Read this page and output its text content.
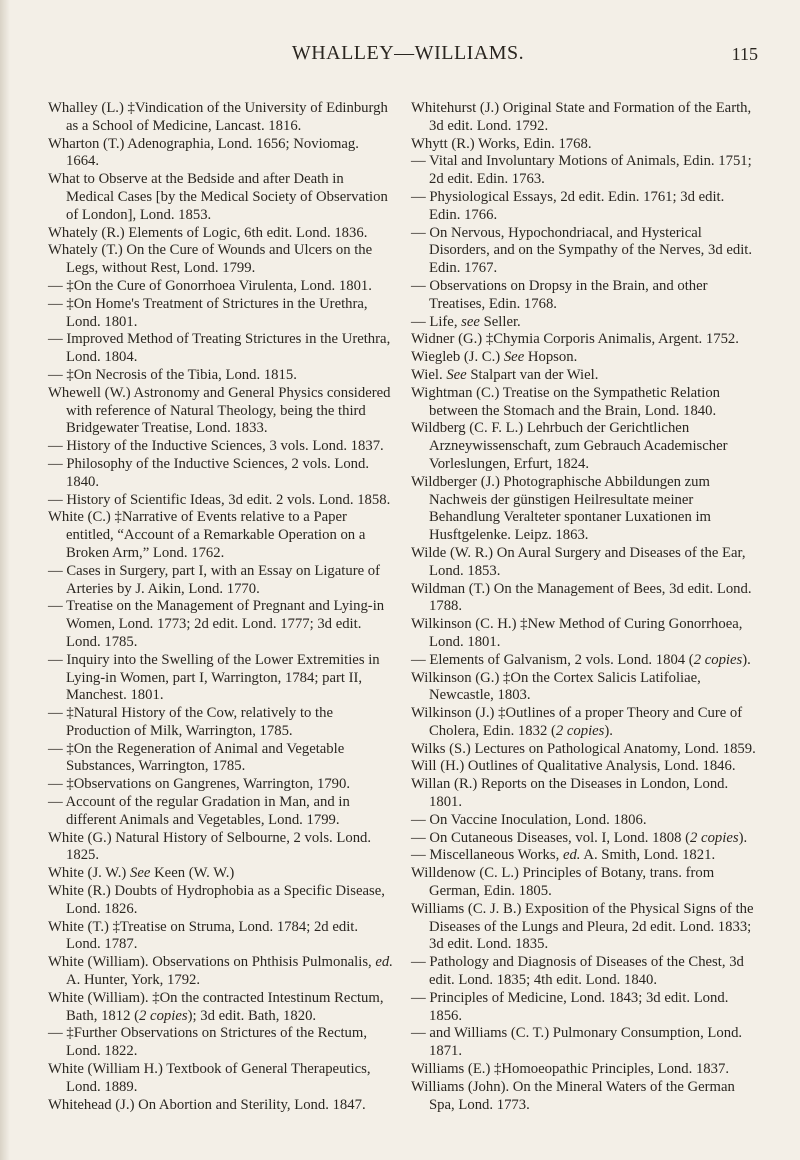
WHALLEY—WILLIAMS.	115

Whalley (L.) ‡Vindication of the University of Edinburgh as a School of Medicine, Lancast. 1816.

Wharton (T.) Adenographia, Lond. 1656; Noviomag. 1664.

What to Observe at the Bedside and after Death in Medical Cases [by the Medical Society of Observation of London], Lond. 1853.

Whately (R.) Elements of Logic, 6th edit. Lond. 1836.

Whately (T.) On the Cure of Wounds and Ulcers on the Legs, without Rest, Lond. 1799.

— ‡On the Cure of Gonorrhoea Virulenta, Lond. 1801.

— ‡On Home's Treatment of Strictures in the Urethra, Lond. 1801.

— Improved Method of Treating Strictures in the Urethra, Lond. 1804.

— ‡On Necrosis of the Tibia, Lond. 1815.

Whewell (W.) Astronomy and General Physics considered with reference of Natural Theology, being the third Bridgewater Treatise, Lond. 1833.

— History of the Inductive Sciences, 3 vols. Lond. 1837.

— Philosophy of the Inductive Sciences, 2 vols. Lond. 1840.

— History of Scientific Ideas, 3d edit. 2 vols. Lond. 1858.

White (C.) ‡Narrative of Events relative to a Paper entitled, “Account of a Remarkable Operation on a Broken Arm,” Lond. 1762.

— Cases in Surgery, part I, with an Essay on Ligature of Arteries by J. Aikin, Lond. 1770.

— Treatise on the Management of Pregnant and Lying-in Women, Lond. 1773; 2d edit. Lond. 1777; 3d edit. Lond. 1785.

— Inquiry into the Swelling of the Lower Extremities in Lying-in Women, part I, Warrington, 1784; part II, Manchest. 1801.

— ‡Natural History of the Cow, relatively to the Production of Milk, Warrington, 1785.

— ‡On the Regeneration of Animal and Vegetable Substances, Warrington, 1785.

— ‡Observations on Gangrenes, Warrington, 1790.

— Account of the regular Gradation in Man, and in different Animals and Vegetables, Lond. 1799.

White (G.) Natural History of Selbourne, 2 vols. Lond. 1825.

White (J. W.) See Keen (W. W.)

White (R.) Doubts of Hydrophobia as a Specific Disease, Lond. 1826.

White (T.) ‡Treatise on Struma, Lond. 1784; 2d edit. Lond. 1787.

White (William). Observations on Phthisis Pulmonalis, ed. A. Hunter, York, 1792.

White (William). ‡On the contracted Intestinum Rectum, Bath, 1812 (2 copies); 3d edit. Bath, 1820.

— ‡Further Observations on Strictures of the Rectum, Lond. 1822.

White (William H.) Textbook of General Therapeutics, Lond. 1889.

Whitehead (J.) On Abortion and Sterility, Lond. 1847.

Whitehurst (J.) Original State and Formation of the Earth, 3d edit. Lond. 1792.

Whytt (R.) Works, Edin. 1768.

— Vital and Involuntary Motions of Animals, Edin. 1751; 2d edit. Edin. 1763.

— Physiological Essays, 2d edit. Edin. 1761; 3d edit. Edin. 1766.

— On Nervous, Hypochondriacal, and Hysterical Disorders, and on the Sympathy of the Nerves, 3d edit. Edin. 1767.

— Observations on Dropsy in the Brain, and other Treatises, Edin. 1768.

— Life, see Seller.

Widner (G.) ‡Chymia Corporis Animalis, Argent. 1752.

Wiegleb (J. C.) See Hopson.

Wiel. See Stalpart van der Wiel.

Wightman (C.) Treatise on the Sympathetic Relation between the Stomach and the Brain, Lond. 1840.

Wildberg (C. F. L.) Lehrbuch der Gerichtlichen Arzneywissenschaft, zum Gebrauch Academischer Vorleslungen, Erfurt, 1824.

Wildberger (J.) Photographische Abbildungen zum Nachweis der günstigen Heilresultate meiner Behandlung Veralteter spontaner Luxationen im Husftgelenke. Leipz. 1863.

Wilde (W. R.) On Aural Surgery and Diseases of the Ear, Lond. 1853.

Wildman (T.) On the Management of Bees, 3d edit. Lond. 1788.

Wilkinson (C. H.) ‡New Method of Curing Gonorrhoea, Lond. 1801.

— Elements of Galvanism, 2 vols. Lond. 1804 (2 copies).

Wilkinson (G.) ‡On the Cortex Salicis Latifoliae, Newcastle, 1803.

Wilkinson (J.) ‡Outlines of a proper Theory and Cure of Cholera, Edin. 1832 (2 copies).

Wilks (S.) Lectures on Pathological Anatomy, Lond. 1859.

Will (H.) Outlines of Qualitative Analysis, Lond. 1846.

Willan (R.) Reports on the Diseases in London, Lond. 1801.

— On Vaccine Inoculation, Lond. 1806.

— On Cutaneous Diseases, vol. I, Lond. 1808 (2 copies).

— Miscellaneous Works, ed. A. Smith, Lond. 1821.

Willdenow (C. L.) Principles of Botany, trans. from German, Edin. 1805.

Williams (C. J. B.) Exposition of the Physical Signs of the Diseases of the Lungs and Pleura, 2d edit. Lond. 1833; 3d edit. Lond. 1835.

— Pathology and Diagnosis of Diseases of the Chest, 3d edit. Lond. 1835; 4th edit. Lond. 1840.

— Principles of Medicine, Lond. 1843; 3d edit. Lond. 1856.

— and Williams (C. T.) Pulmonary Consumption, Lond. 1871.

Williams (E.) ‡Homoeopathic Principles, Lond. 1837.

Williams (John). On the Mineral Waters of the German Spa, Lond. 1773.
